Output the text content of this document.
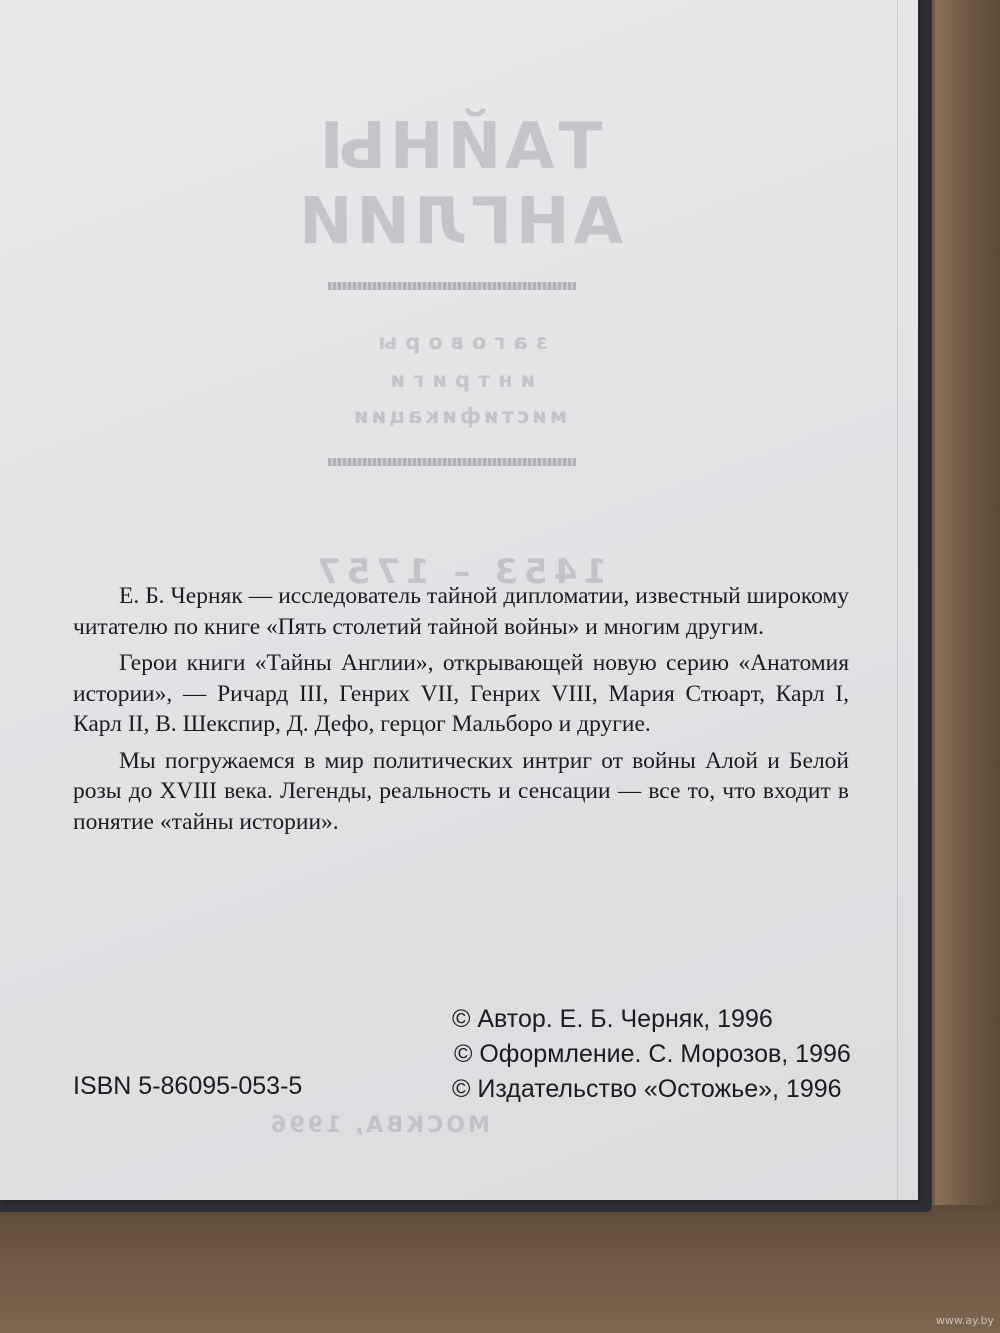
ТАЙНЫ
АНГЛИИ
заговоры
интриги
мистификации
1453 – 1757
МОСКВА, 1996

Е. Б. Черняк — исследователь тайной дипломатии, известный широкому читателю по книге «Пять столетий тайной войны» и многим другим.

Герои книги «Тайны Англии», открывающей новую серию «Анатомия истории», — Ричард III, Генрих VII, Генрих VIII, Мария Стюарт, Карл I, Карл II, В. Шекспир, Д. Дефо, герцог Мальборо и другие.

Мы погружаемся в мир политических интриг от войны Алой и Белой розы до XVIII века. Легенды, реальность и сенсации — все то, что входит в понятие «тайны истории».

© Автор. Е. Б. Черняк, 1996
© Оформление. С. Морозов, 1996
© Издательство «Остожье», 1996
ISBN 5-86095-053-5
www.ay.by
